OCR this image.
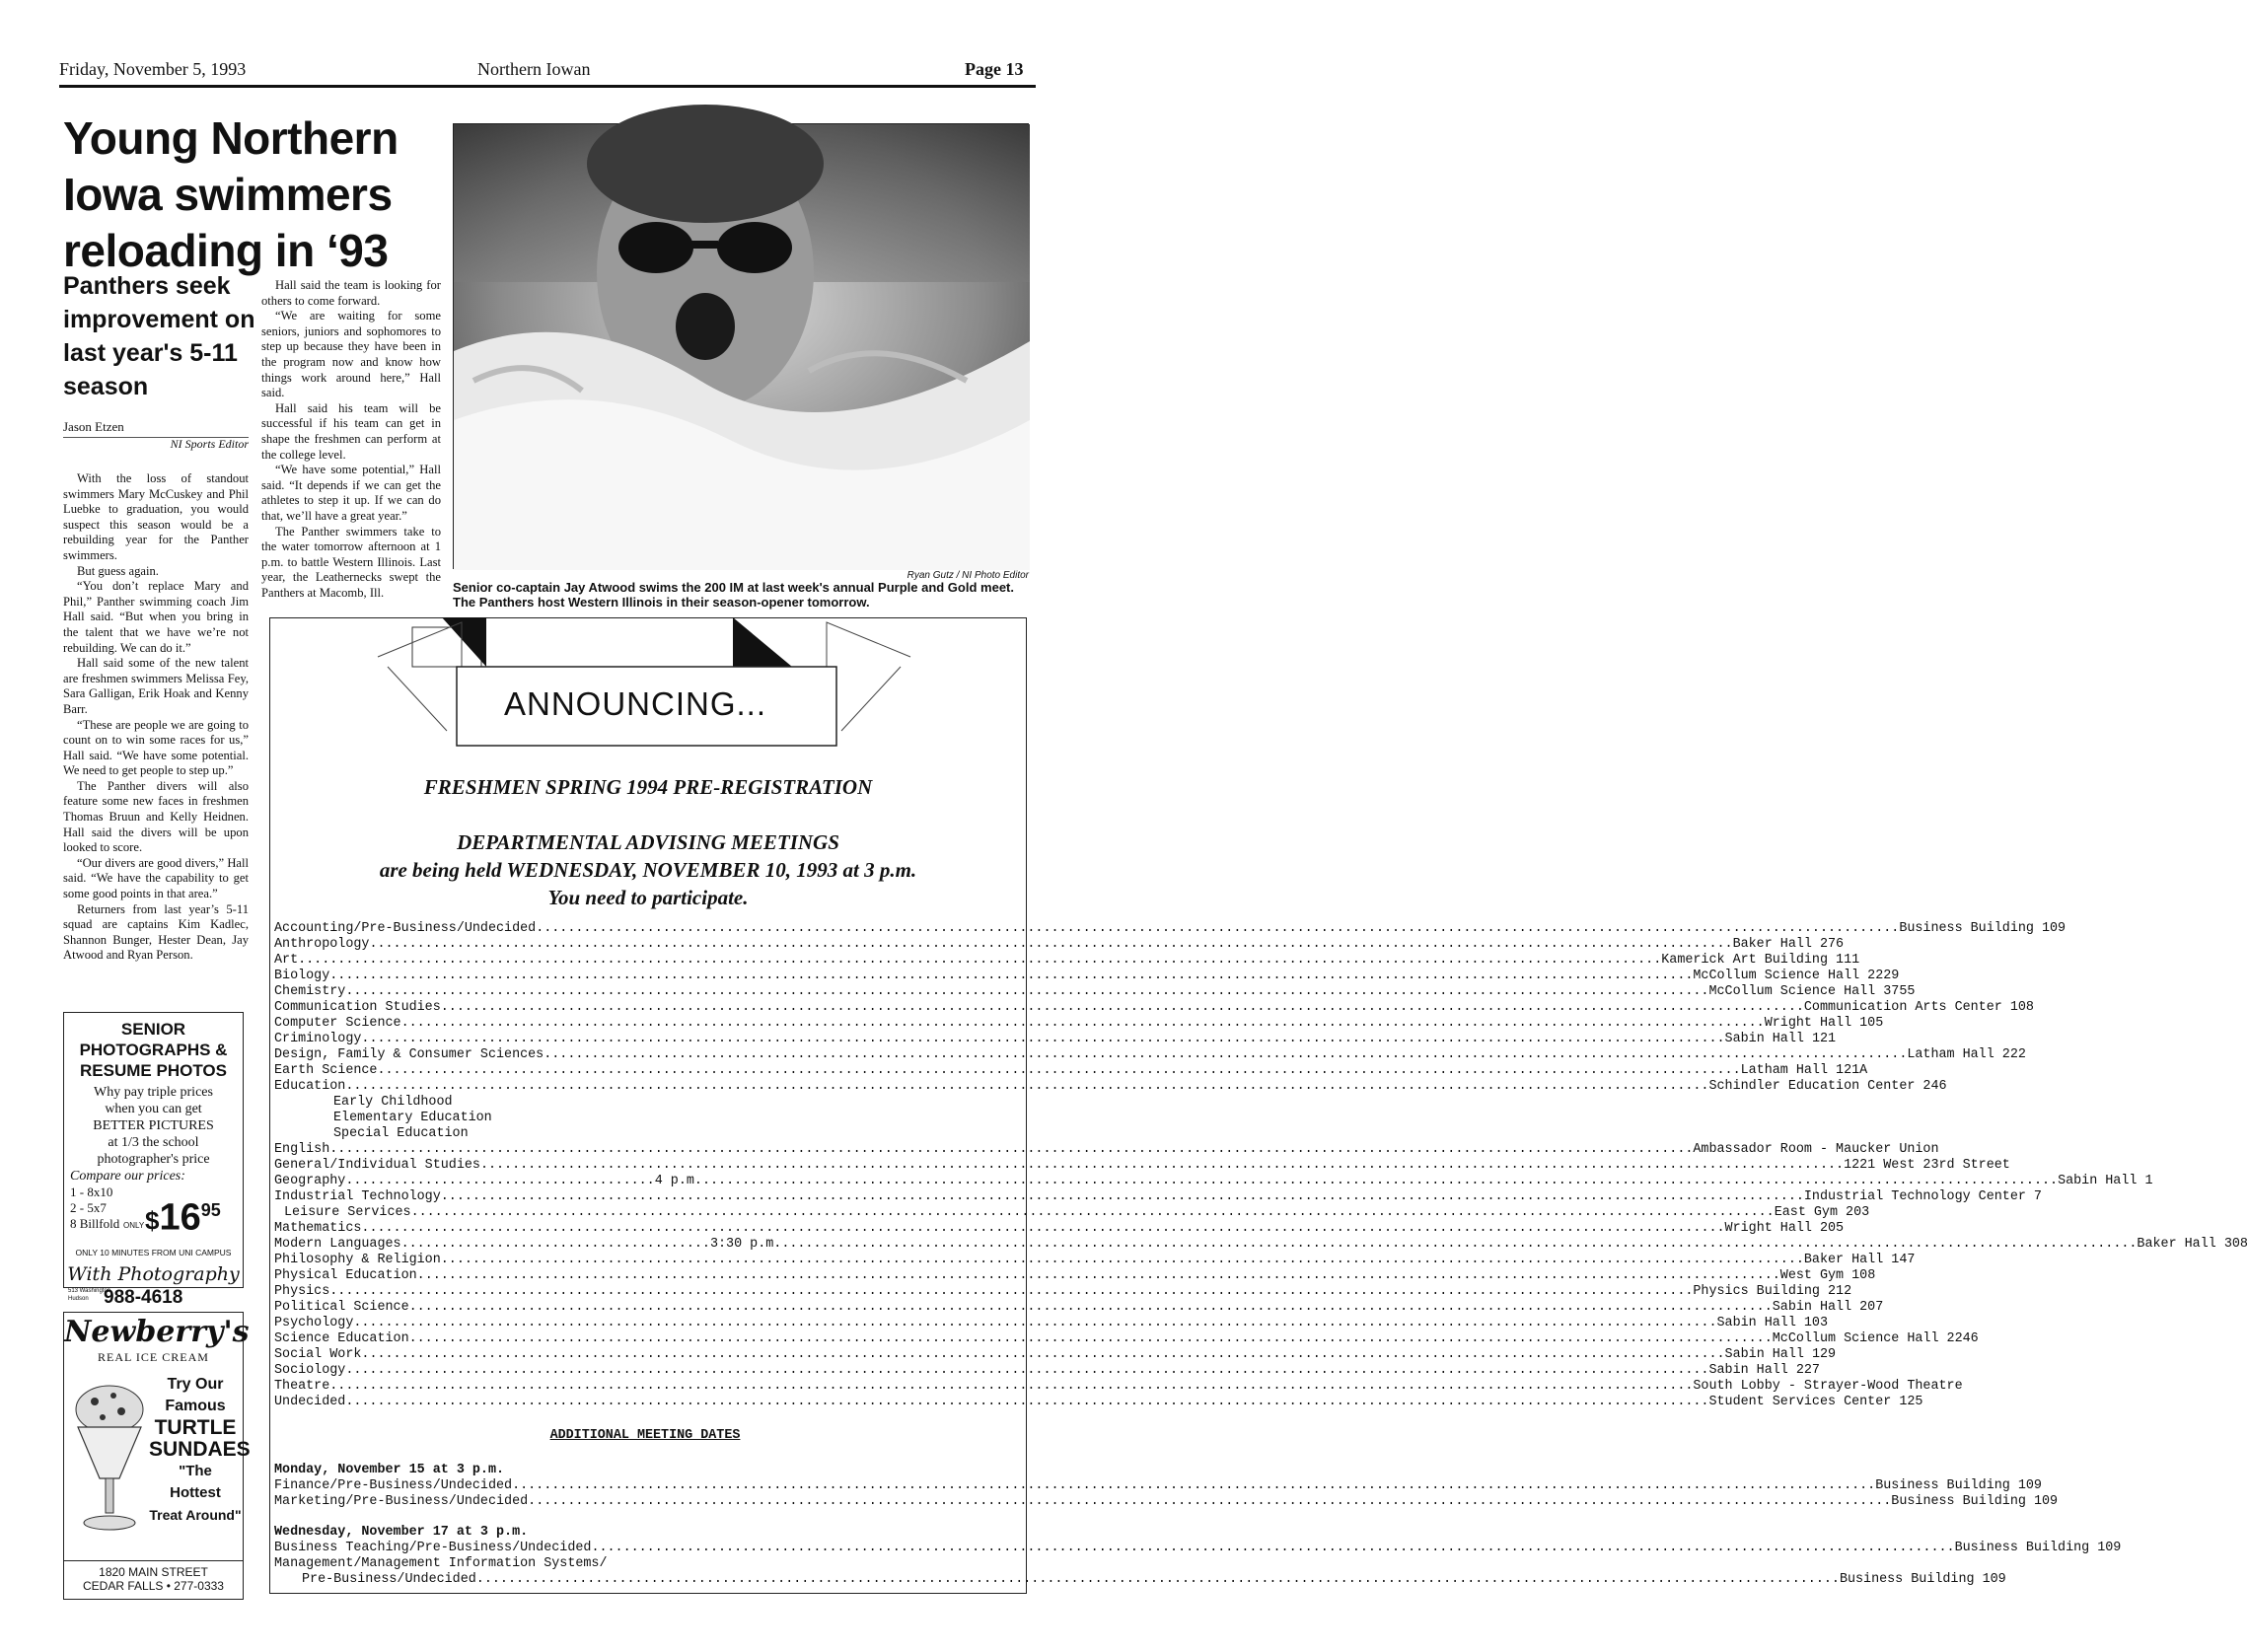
Friday, November 5, 1993	Northern Iowan	Page 13
Young Northern Iowa swimmers reloading in ‘93
Panthers seek improvement on last year's 5-11 season
Jason Etzen
NI Sports Editor

With the loss of standout swimmers Mary McCuskey and Phil Luebke to graduation, you would suspect this season would be a rebuilding year for the Panther swimmers.

But guess again.

“You don’t replace Mary and Phil,” Panther swimming coach Jim Hall said. “But when you bring in the talent that we have we’re not rebuilding. We can do it.”

Hall said some of the new talent are freshmen swimmers Melissa Fey, Sara Galligan, Erik Hoak and Kenny Barr.

“These are people we are going to count on to win some races for us,” Hall said. “We have some potential. We need to get people to step up.”

The Panther divers will also feature some new faces in freshmen Thomas Bruun and Kelly Heidnen. Hall said the divers will be upon looked to score.

“Our divers are good divers,” Hall said. “We have the capability to get some good points in that area.”

Returners from last year’s 5-11 squad are captains Kim Kadlec, Shannon Bunger, Hester Dean, Jay Atwood and Ryan Person.

Hall said the team is looking for others to come forward.

“We are waiting for some seniors, juniors and sophomores to step up because they have been in the program now and know how things work around here,” Hall said.

Hall said his team will be successful if his team can get in shape the freshmen can perform at the college level.

“We have some potential,” Hall said. “It depends if we can get the athletes to step it up. If we can do that, we’ll have a great year.”

The Panther swimmers take to the water tomorrow afternoon at 1 p.m. to battle Western Illinois. Last year, the Leathernecks swept the Panthers at Macomb, Ill.

Ryan Gutz / NI Photo Editor
Senior co-captain Jay Atwood swims the 200 IM at last week's annual Purple and Gold meet. The Panthers host Western Illinois in their season-opener tomorrow.
ANNOUNCING...
FRESHMEN SPRING 1994 PRE-REGISTRATION
DEPARTMENTAL ADVISING MEETINGS
are being held WEDNESDAY, NOVEMBER 10, 1993 at 3 p.m.
You need to participate.
Accounting/Pre-Business/Undecided .....	Business Building 109
Anthropology .....	Baker Hall 276
Art .....	Kamerick Art Building 111
Biology .....	McCollum Science Hall 2229
Chemistry .....	McCollum Science Hall 3755
Communication Studies .....	Communication Arts Center 108
Computer Science .....	Wright Hall 105
Criminology .....	Sabin Hall 121
Design, Family & Consumer Sciences .....	Latham Hall 222
Earth Science .....	Latham Hall 121A
Education .....	Schindler Education Center 246
Early Childhood
Elementary Education
Special Education
English .....	Ambassador Room - Maucker Union
General/Individual Studies .....	1221 West 23rd Street
Geography ....................................... 4 p.m .....	Sabin Hall 1
Industrial Technology .....	Industrial Technology Center 7
Leisure Services .....	East Gym 203
Mathematics .....	Wright Hall 205
Modern Languages ....................................... 3:30 p.m .....	Baker Hall 308
Philosophy & Religion .....	Baker Hall 147
Physical Education .....	West Gym 108
Physics .....	Physics Building 212
Political Science .....	Sabin Hall 207
Psychology .....	Sabin Hall 103
Science Education .....	McCollum Science Hall 2246
Social Work .....	Sabin Hall 129
Sociology .....	Sabin Hall 227
Theatre .....	South Lobby - Strayer-Wood Theatre
Undecided .....	Student Services Center 125
ADDITIONAL MEETING DATES
Monday, November 15 at 3 p.m.
Finance/Pre-Business/Undecided .....	Business Building 109
Marketing/Pre-Business/Undecided .....	Business Building 109
Wednesday, November 17 at 3 p.m.
Business Teaching/Pre-Business/Undecided .....	Business Building 109
Management/Management Information Systems/
Pre-Business/Undecided .....	Business Building 109
SENIOR
PHOTOGRAPHS &
RESUME PHOTOS
Why pay triple prices
when you can get
BETTER PICTURES
at 1/3 the school
photographer's price
Compare our prices:
1 - 8x10
2 - 5x7
8 Billfold $\$16^{95}$
ONLY
ONLY 10 MINUTES FROM UNI CAMPUS
With Photography
513 Washington
Hudson 988-4618
Newberry's
REAL ICE CREAM
Try Our
Famous
TURTLE
SUNDAES
"The
Hottest
Treat Around"
1820 MAIN STREET
CEDAR FALLS • 277-0333
